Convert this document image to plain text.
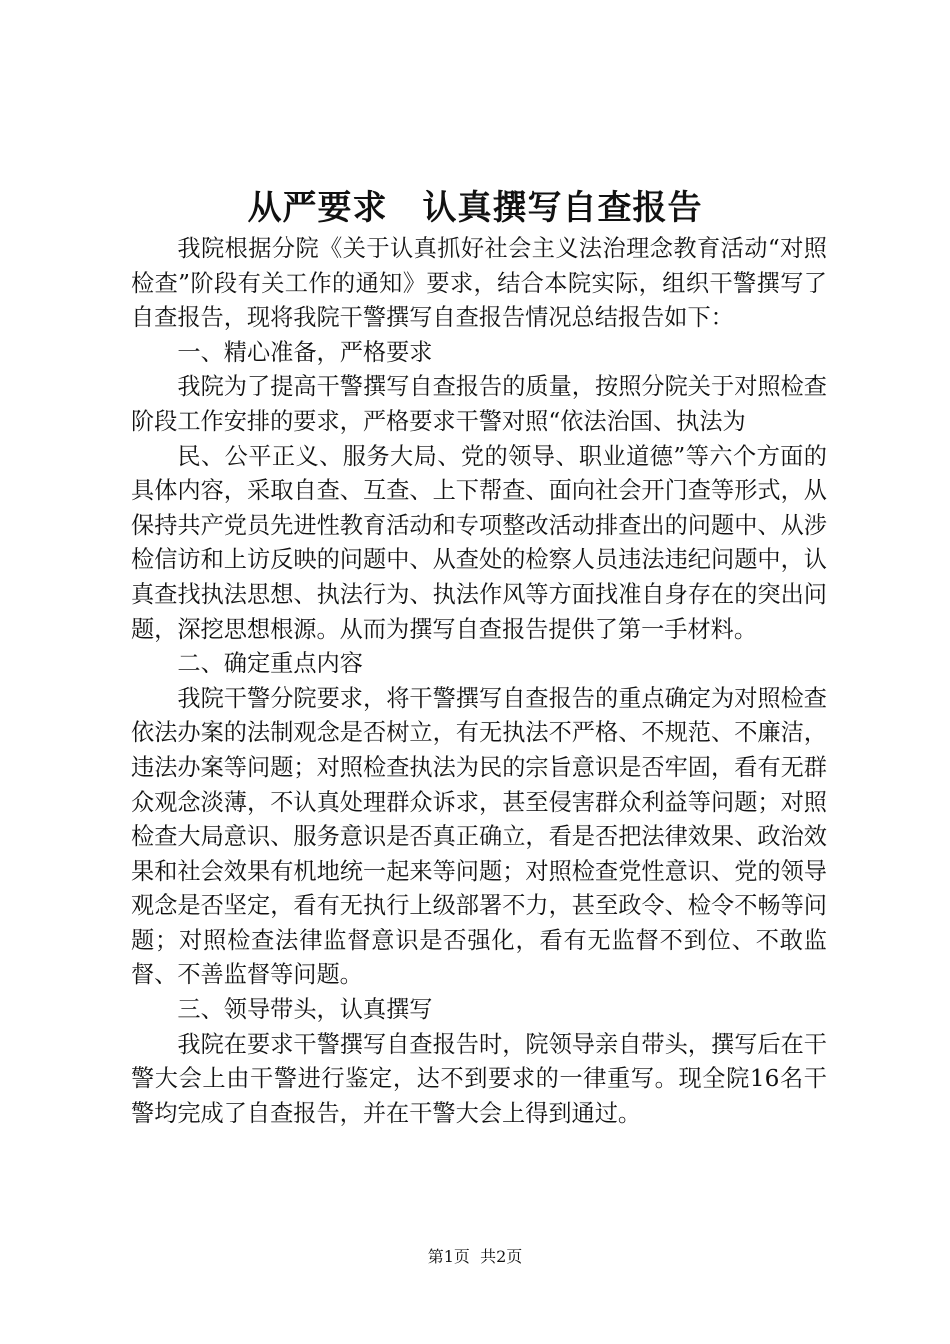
从严要求　认真撰写自查报告

我院根据分院《关于认真抓好社会主义法治理念教育活动“对照检查”阶段有关工作的通知》要求，结合本院实际，组织干警撰写了自查报告，现将我院干警撰写自查报告情况总结报告如下：

一、精心准备，严格要求

我院为了提高干警撰写自查报告的质量，按照分院关于对照检查阶段工作安排的要求，严格要求干警对照“依法治国、执法为

民、公平正义、服务大局、党的领导、职业道德”等六个方面的具体内容，采取自查、互查、上下帮查、面向社会开门查等形式，从保持共产党员先进性教育活动和专项整改活动排查出的问题中、从涉检信访和上访反映的问题中、从查处的检察人员违法违纪问题中，认真查找执法思想、执法行为、执法作风等方面找准自身存在的突出问题，深挖思想根源。从而为撰写自查报告提供了第一手材料。

二、确定重点内容

我院干警分院要求，将干警撰写自查报告的重点确定为对照检查依法办案的法制观念是否树立，有无执法不严格、不规范、不廉洁，违法办案等问题；对照检查执法为民的宗旨意识是否牢固，看有无群众观念淡薄，不认真处理群众诉求，甚至侵害群众利益等问题；对照检查大局意识、服务意识是否真正确立，看是否把法律效果、政治效果和社会效果有机地统一起来等问题；对照检查党性意识、党的领导观念是否坚定，看有无执行上级部署不力，甚至政令、检令不畅等问题；对照检查法律监督意识是否强化，看有无监督不到位、不敢监督、不善监督等问题。

三、领导带头，认真撰写

我院在要求干警撰写自查报告时，院领导亲自带头，撰写后在干警大会上由干警进行鉴定，达不到要求的一律重写。现全院16名干警均完成了自查报告，并在干警大会上得到通过。

第1页  共2页
